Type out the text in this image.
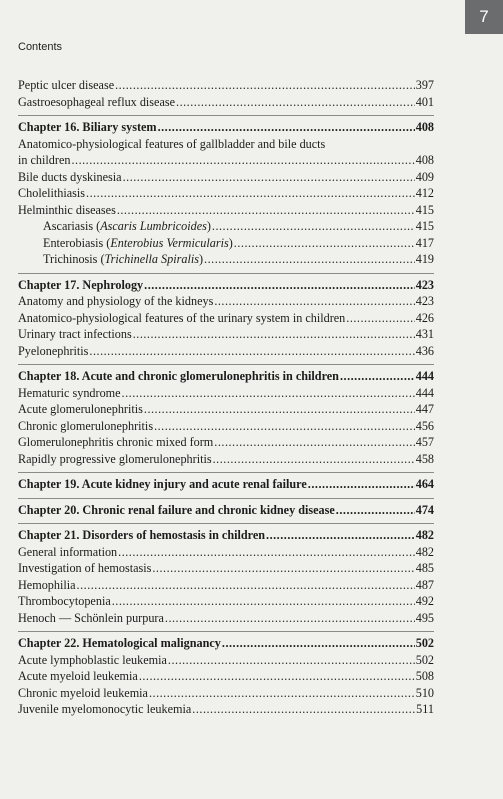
7
Contents
Peptic ulcer disease .....	397
Gastroesophageal reflux disease .....	401
Chapter 16. Biliary system .....	408
Anatomico-physiological features of gallbladder and bile ducts
in children .....	408
Bile ducts dyskinesia .....	409
Cholelithiasis .....	412
Helminthic diseases .....	415
Ascariasis (Ascaris Lumbricoides) .....	415
Enterobiasis (Enterobius Vermicularis) .....	417
Trichinosis (Trichinella Spiralis) .....	419
Chapter 17. Nephrology .....	423
Anatomy and physiology of the kidneys .....	423
Anatomico-physiological features of the urinary system in children .....	426
Urinary tract infections .....	431
Pyelonephritis .....	436
Chapter 18. Acute and chronic glomerulonephritis in children .....	444
Hematuric syndrome .....	444
Acute glomerulonephritis .....	447
Chronic glomerulonephritis .....	456
Glomerulonephritis chronic mixed form .....	457
Rapidly progressive glomerulonephritis .....	458
Chapter 19. Acute kidney injury and acute renal failure .....	464
Chapter 20. Chronic renal failure and chronic kidney disease .....	474
Chapter 21. Disorders of hemostasis in children .....	482
General information .....	482
Investigation of hemostasis .....	485
Hemophilia .....	487
Thrombocytopenia .....	492
Henoch — Schönlein purpura .....	495
Chapter 22. Hematological malignancy .....	502
Acute lymphoblastic leukemia .....	502
Acute myeloid leukemia .....	508
Chronic myeloid leukemia .....	510
Juvenile myelomonocytic leukemia .....	511
